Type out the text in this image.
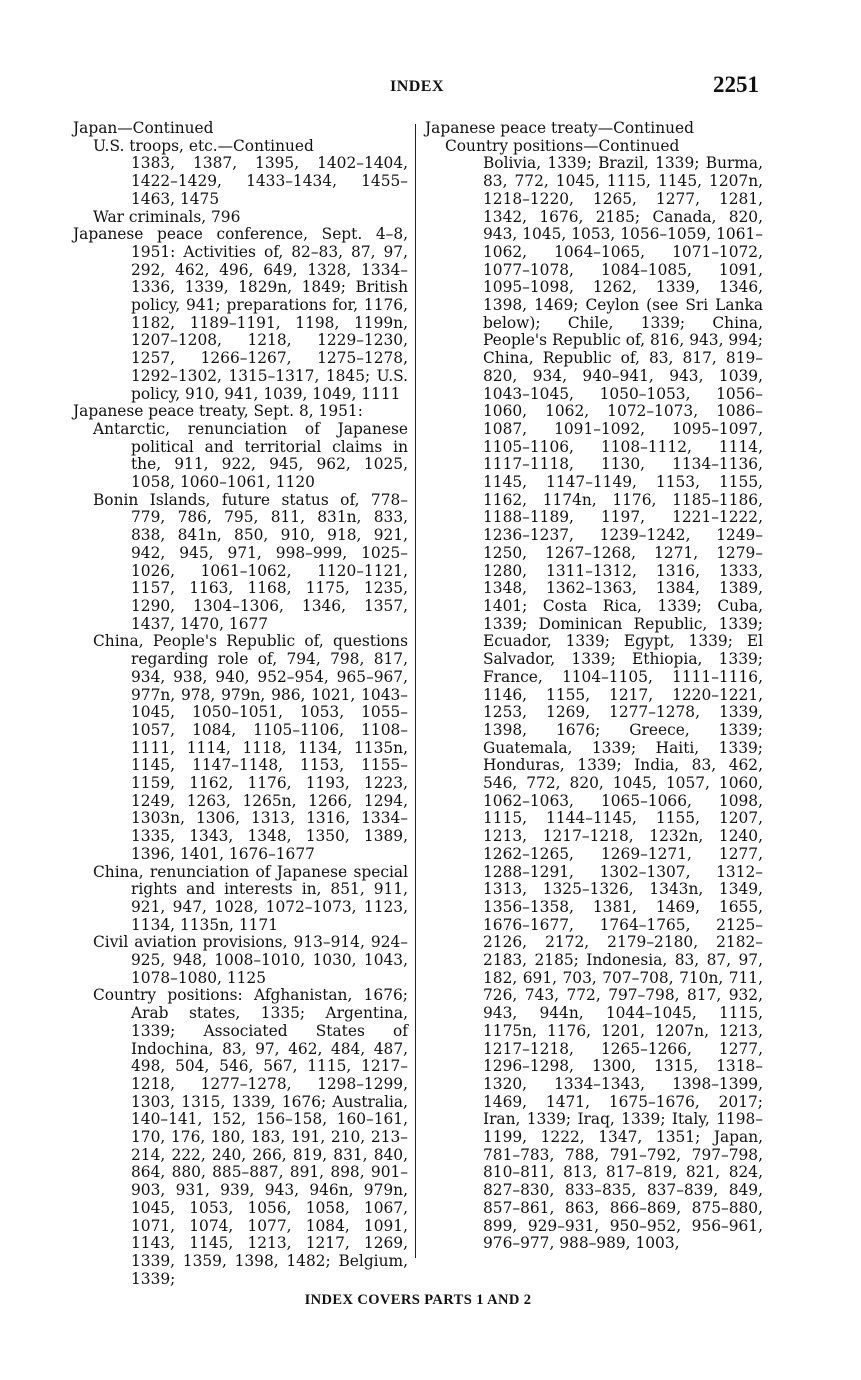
INDEX	2251

Japan—Continued

U.S. troops, etc.—Continued

1383, 1387, 1395, 1402–1404, 1422–1429, 1433–1434, 1455–1463, 1475

War criminals, 796

Japanese peace conference, Sept. 4–8, 1951: Activities of, 82–83, 87, 97, 292, 462, 496, 649, 1328, 1334–1336, 1339, 1829n, 1849; British policy, 941; preparations for, 1176, 1182, 1189–1191, 1198, 1199n, 1207–1208, 1218, 1229–1230, 1257, 1266–1267, 1275–1278, 1292–1302, 1315–1317, 1845; U.S. policy, 910, 941, 1039, 1049, 1111

Japanese peace treaty, Sept. 8, 1951:

Antarctic, renunciation of Japanese political and territorial claims in the, 911, 922, 945, 962, 1025, 1058, 1060–1061, 1120

Bonin Islands, future status of, 778–779, 786, 795, 811, 831n, 833, 838, 841n, 850, 910, 918, 921, 942, 945, 971, 998–999, 1025–1026, 1061–1062, 1120–1121, 1157, 1163, 1168, 1175, 1235, 1290, 1304–1306, 1346, 1357, 1437, 1470, 1677

China, People's Republic of, questions regarding role of, 794, 798, 817, 934, 938, 940, 952–954, 965–967, 977n, 978, 979n, 986, 1021, 1043–1045, 1050–1051, 1053, 1055–1057, 1084, 1105–1106, 1108–1111, 1114, 1118, 1134, 1135n, 1145, 1147–1148, 1153, 1155–1159, 1162, 1176, 1193, 1223, 1249, 1263, 1265n, 1266, 1294, 1303n, 1306, 1313, 1316, 1334–1335, 1343, 1348, 1350, 1389, 1396, 1401, 1676–1677

China, renunciation of Japanese special rights and interests in, 851, 911, 921, 947, 1028, 1072–1073, 1123, 1134, 1135n, 1171

Civil aviation provisions, 913–914, 924–925, 948, 1008–1010, 1030, 1043, 1078–1080, 1125

Country positions: Afghanistan, 1676; Arab states, 1335; Argentina, 1339; Associated States of Indochina, 83, 97, 462, 484, 487, 498, 504, 546, 567, 1115, 1217–1218, 1277–1278, 1298–1299, 1303, 1315, 1339, 1676; Australia, 140–141, 152, 156–158, 160–161, 170, 176, 180, 183, 191, 210, 213–214, 222, 240, 266, 819, 831, 840, 864, 880, 885–887, 891, 898, 901–903, 931, 939, 943, 946n, 979n, 1045, 1053, 1056, 1058, 1067, 1071, 1074, 1077, 1084, 1091, 1143, 1145, 1213, 1217, 1269, 1339, 1359, 1398, 1482; Belgium, 1339;

Japanese peace treaty—Continued

Country positions—Continued

Bolivia, 1339; Brazil, 1339; Burma, 83, 772, 1045, 1115, 1145, 1207n, 1218–1220, 1265, 1277, 1281, 1342, 1676, 2185; Canada, 820, 943, 1045, 1053, 1056–1059, 1061–1062, 1064–1065, 1071–1072, 1077–1078, 1084–1085, 1091, 1095–1098, 1262, 1339, 1346, 1398, 1469; Ceylon (see Sri Lanka below); Chile, 1339; China, People's Republic of, 816, 943, 994; China, Republic of, 83, 817, 819–820, 934, 940–941, 943, 1039, 1043–1045, 1050–1053, 1056–1060, 1062, 1072–1073, 1086–1087, 1091–1092, 1095–1097, 1105–1106, 1108–1112, 1114, 1117–1118, 1130, 1134–1136, 1145, 1147–1149, 1153, 1155, 1162, 1174n, 1176, 1185–1186, 1188–1189, 1197, 1221–1222, 1236–1237, 1239–1242, 1249–1250, 1267–1268, 1271, 1279–1280, 1311–1312, 1316, 1333, 1348, 1362–1363, 1384, 1389, 1401; Costa Rica, 1339; Cuba, 1339; Dominican Republic, 1339; Ecuador, 1339; Egypt, 1339; El Salvador, 1339; Ethiopia, 1339; France, 1104–1105, 1111–1116, 1146, 1155, 1217, 1220–1221, 1253, 1269, 1277–1278, 1339, 1398, 1676; Greece, 1339; Guatemala, 1339; Haiti, 1339; Honduras, 1339; India, 83, 462, 546, 772, 820, 1045, 1057, 1060, 1062–1063, 1065–1066, 1098, 1115, 1144–1145, 1155, 1207, 1213, 1217–1218, 1232n, 1240, 1262–1265, 1269–1271, 1277, 1288–1291, 1302–1307, 1312–1313, 1325–1326, 1343n, 1349, 1356–1358, 1381, 1469, 1655, 1676–1677, 1764–1765, 2125–2126, 2172, 2179–2180, 2182–2183, 2185; Indonesia, 83, 87, 97, 182, 691, 703, 707–708, 710n, 711, 726, 743, 772, 797–798, 817, 932, 943, 944n, 1044–1045, 1115, 1175n, 1176, 1201, 1207n, 1213, 1217–1218, 1265–1266, 1277, 1296–1298, 1300, 1315, 1318–1320, 1334–1343, 1398–1399, 1469, 1471, 1675–1676, 2017; Iran, 1339; Iraq, 1339; Italy, 1198–1199, 1222, 1347, 1351; Japan, 781–783, 788, 791–792, 797–798, 810–811, 813, 817–819, 821, 824, 827–830, 833–835, 837–839, 849, 857–861, 863, 866–869, 875–880, 899, 929–931, 950–952, 956–961, 976–977, 988–989, 1003,

INDEX COVERS PARTS 1 AND 2
